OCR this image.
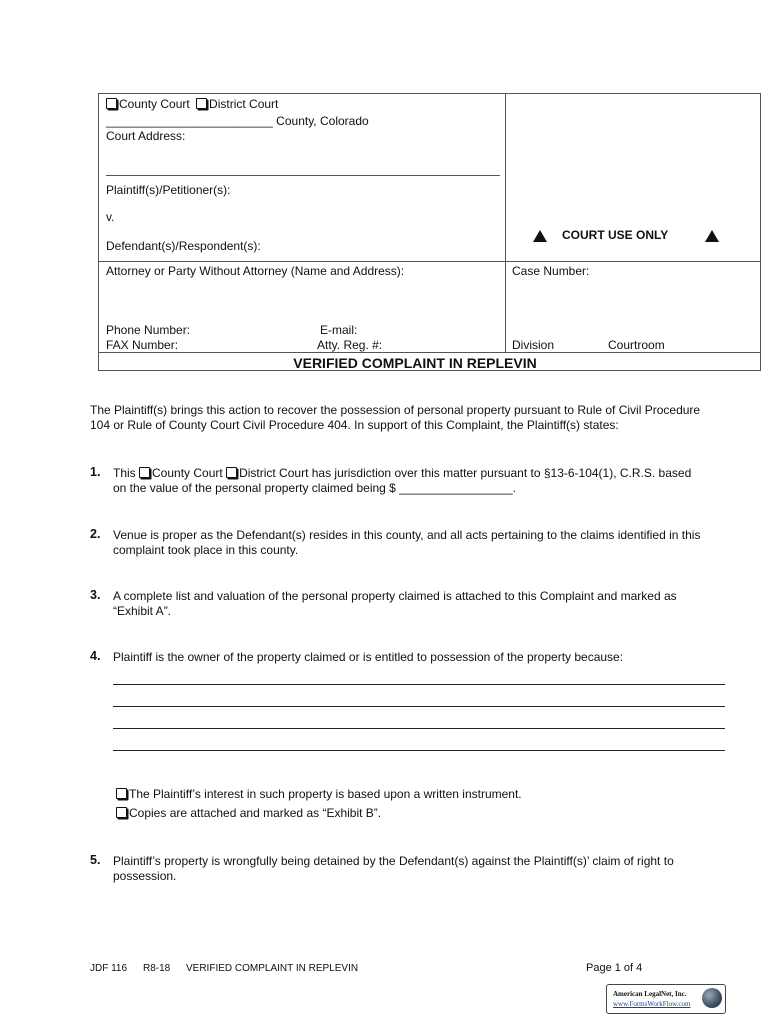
County Court District Court
_________________________ County, Colorado
Court Address:
Plaintiff(s)/Petitioner(s):
v.
Defendant(s)/Respondent(s):
COURT USE ONLY
Attorney or Party Without Attorney (Name and Address):	Case Number:
Phone Number:	E-mail:
FAX Number:	Atty. Reg. #:	Division	Courtroom
VERIFIED COMPLAINT IN REPLEVIN
The Plaintiff(s) brings this action to recover the possession of personal property pursuant to Rule of Civil Procedure
104 or Rule of County Court Civil Procedure 404. In support of this Complaint, the Plaintiff(s) states:
1. This County Court District Court has jurisdiction over this matter pursuant to §13-6-104(1), C.R.S. based
on the value of the personal property claimed being $ _________________.
2. Venue is proper as the Defendant(s) resides in this county, and all acts pertaining to the claims identified in this
complaint took place in this county.
3. A complete list and valuation of the personal property claimed is attached to this Complaint and marked as
“Exhibit A”.
4. Plaintiff is the owner of the property claimed or is entitled to possession of the property because:
The Plaintiff’s interest in such property is based upon a written instrument.
Copies are attached and marked as “Exhibit B”.
5. Plaintiff’s property is wrongfully being detained by the Defendant(s) against the Plaintiff(s)’ claim of right to
possession.
JDF 116 R8-18 VERIFIED COMPLAINT IN REPLEVIN	Page 1 of 4
American LegalNet, Inc.
www.FormsWorkFlow.com
